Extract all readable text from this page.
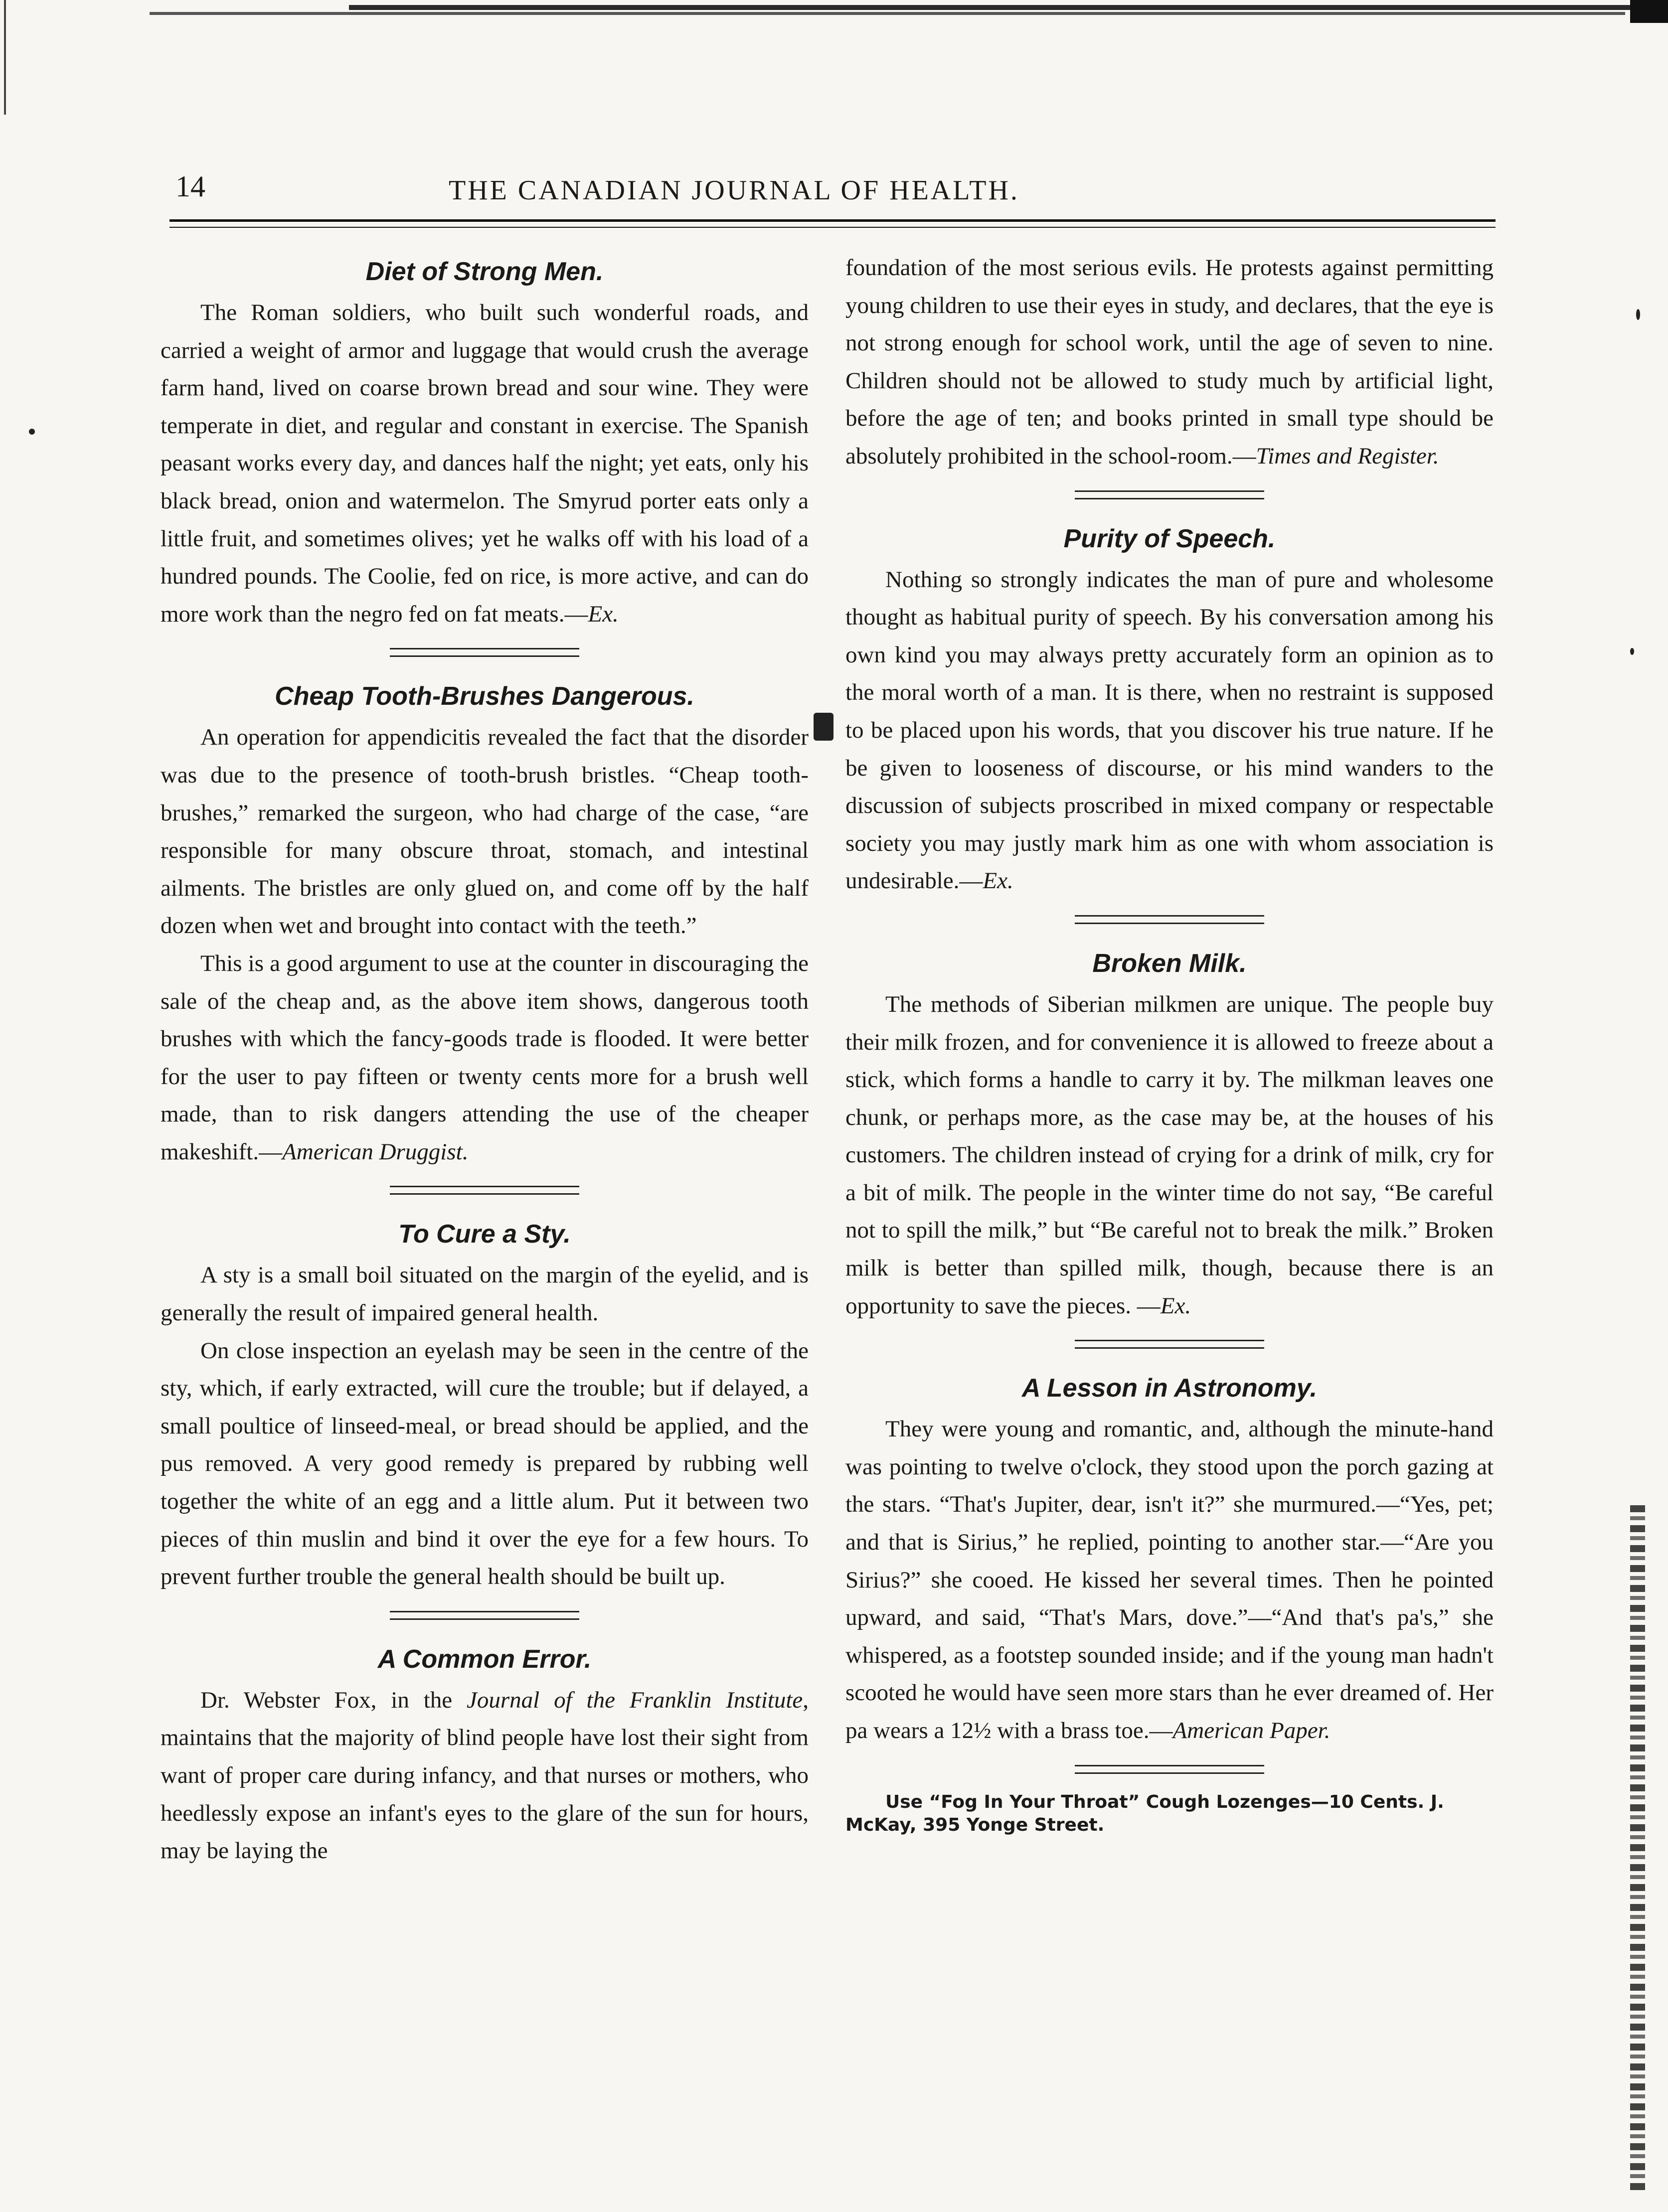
14	THE CANADIAN JOURNAL OF HEALTH.
Diet of Strong Men.

The Roman soldiers, who built such wonderful roads, and carried a weight of armor and luggage that would crush the average farm hand, lived on coarse brown bread and sour wine. They were temperate in diet, and regular and constant in exercise. The Spanish peasant works every day, and dances half the night; yet eats, only his black bread, onion and watermelon. The Smyrud porter eats only a little fruit, and sometimes olives; yet he walks off with his load of a hundred pounds. The Coolie, fed on rice, is more active, and can do more work than the negro fed on fat meats.—Ex.

Cheap Tooth-Brushes Dangerous.

An operation for appendicitis revealed the fact that the disorder was due to the presence of tooth-brush bristles. “Cheap tooth-brushes,” remarked the surgeon, who had charge of the case, “are responsible for many obscure throat, stomach, and intestinal ailments. The bristles are only glued on, and come off by the half dozen when wet and brought into contact with the teeth.”

This is a good argument to use at the counter in discouraging the sale of the cheap and, as the above item shows, dangerous tooth brushes with which the fancy-goods trade is flooded. It were better for the user to pay fifteen or twenty cents more for a brush well made, than to risk dangers attending the use of the cheaper makeshift.—American Druggist.

To Cure a Sty.

A sty is a small boil situated on the margin of the eyelid, and is generally the result of impaired general health.

On close inspection an eyelash may be seen in the centre of the sty, which, if early extracted, will cure the trouble; but if delayed, a small poultice of linseed-meal, or bread should be applied, and the pus removed. A very good remedy is prepared by rubbing well together the white of an egg and a little alum. Put it between two pieces of thin muslin and bind it over the eye for a few hours. To prevent further trouble the general health should be built up.

A Common Error.

Dr. Webster Fox, in the Journal of the Franklin Institute, maintains that the majority of blind people have lost their sight from want of proper care during infancy, and that nurses or mothers, who heedlessly expose an infant's eyes to the glare of the sun for hours, may be laying the

foundation of the most serious evils. He protests against permitting young children to use their eyes in study, and declares, that the eye is not strong enough for school work, until the age of seven to nine. Children should not be allowed to study much by artificial light, before the age of ten; and books printed in small type should be absolutely prohibited in the school-room.—Times and Register.

Purity of Speech.

Nothing so strongly indicates the man of pure and wholesome thought as habitual purity of speech. By his conversation among his own kind you may always pretty accurately form an opinion as to the moral worth of a man. It is there, when no restraint is supposed to be placed upon his words, that you discover his true nature. If he be given to looseness of discourse, or his mind wanders to the discussion of subjects proscribed in mixed company or respectable society you may justly mark him as one with whom association is undesirable.—Ex.

Broken Milk.

The methods of Siberian milkmen are unique. The people buy their milk frozen, and for convenience it is allowed to freeze about a stick, which forms a handle to carry it by. The milkman leaves one chunk, or perhaps more, as the case may be, at the houses of his customers. The children instead of crying for a drink of milk, cry for a bit of milk. The people in the winter time do not say, “Be careful not to spill the milk,” but “Be careful not to break the milk.” Broken milk is better than spilled milk, though, because there is an opportunity to save the pieces. —Ex.

A Lesson in Astronomy.

They were young and romantic, and, although the minute-hand was pointing to twelve o'clock, they stood upon the porch gazing at the stars. “That's Jupiter, dear, isn't it?” she murmured.—“Yes, pet; and that is Sirius,” he replied, pointing to another star.—“Are you Sirius?” she cooed. He kissed her several times. Then he pointed upward, and said, “That's Mars, dove.”—“And that's pa's,” she whispered, as a footstep sounded inside; and if the young man hadn't scooted he would have seen more stars than he ever dreamed of. Her pa wears a 12½ with a brass toe.—American Paper.

Use “Fog In Your Throat” Cough Lozenges—10 Cents. J. McKay, 395 Yonge Street.
